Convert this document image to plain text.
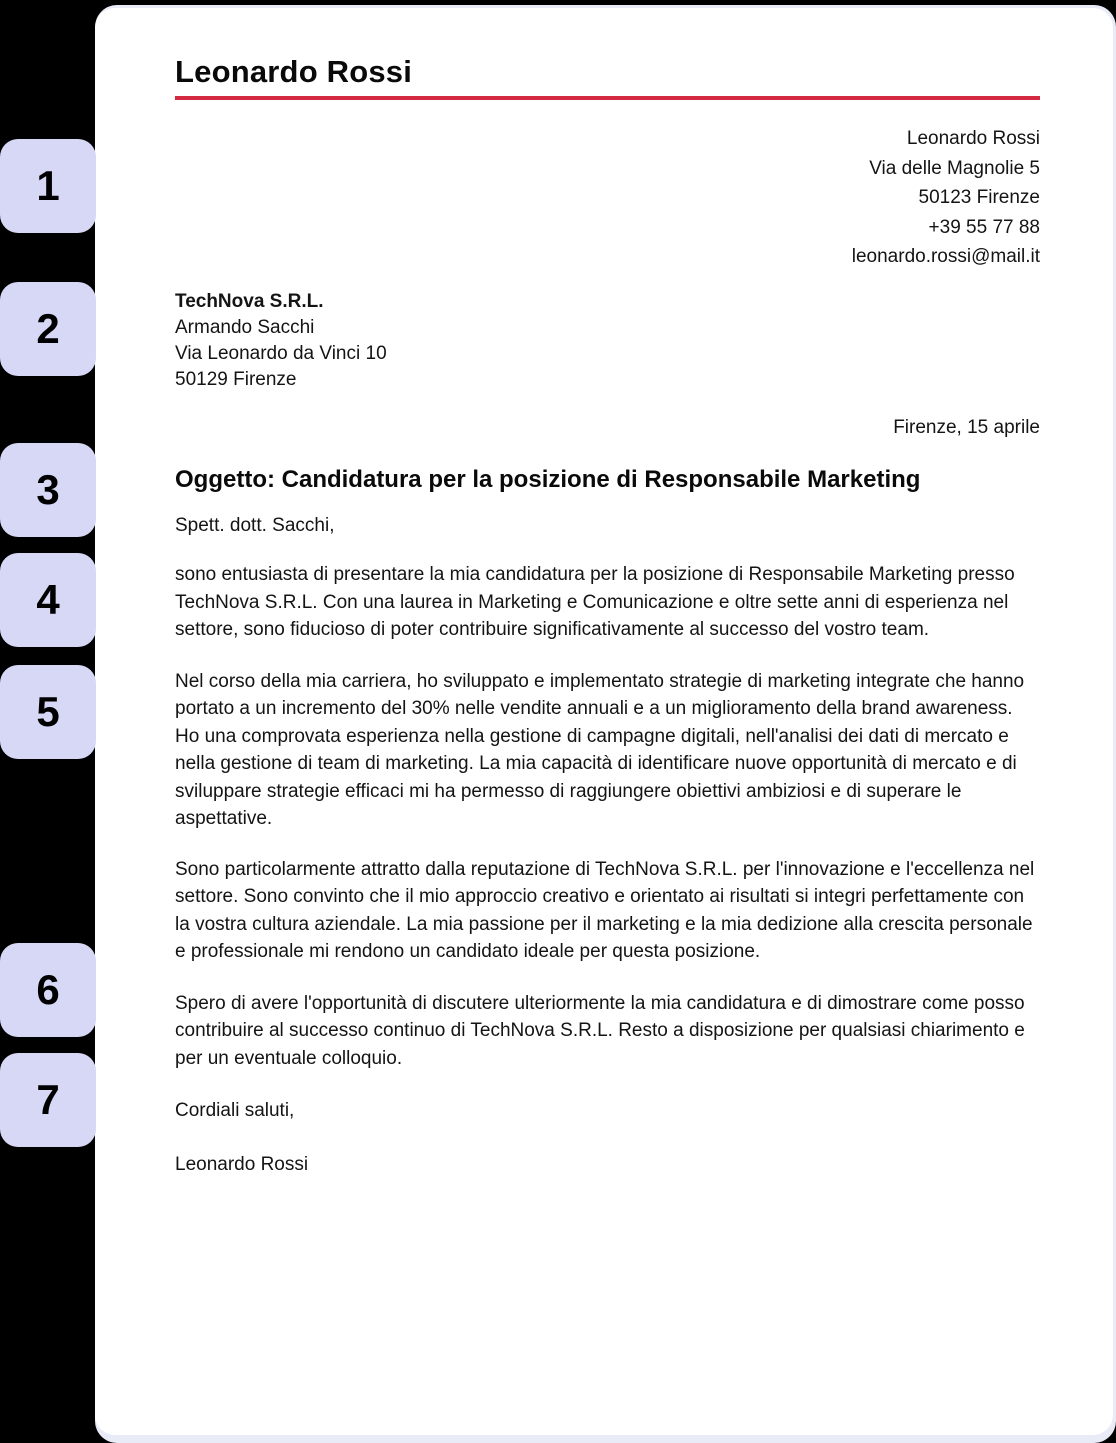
Leonardo Rossi
Leonardo Rossi
Via delle Magnolie 5
50123 Firenze
+39 55 77 88
leonardo.rossi@mail.it
TechNova S.R.L.
Armando Sacchi
Via Leonardo da Vinci 10
50129 Firenze
Firenze, 15 aprile
Oggetto: Candidatura per la posizione di Responsabile Marketing
Spett. dott. Sacchi,

sono entusiasta di presentare la mia candidatura per la posizione di Responsabile Marketing presso TechNova S.R.L. Con una laurea in Marketing e Comunicazione e oltre sette anni di esperienza nel settore, sono fiducioso di poter contribuire significativamente al successo del vostro team.

Nel corso della mia carriera, ho sviluppato e implementato strategie di marketing integrate che hanno portato a un incremento del 30% nelle vendite annuali e a un miglioramento della brand awareness. Ho una comprovata esperienza nella gestione di campagne digitali, nell'analisi dei dati di mercato e nella gestione di team di marketing. La mia capacità di identificare nuove opportunità di mercato e di sviluppare strategie efficaci mi ha permesso di raggiungere obiettivi ambiziosi e di superare le aspettative.

Sono particolarmente attratto dalla reputazione di TechNova S.R.L. per l'innovazione e l'eccellenza nel settore. Sono convinto che il mio approccio creativo e orientato ai risultati si integri perfettamente con la vostra cultura aziendale. La mia passione per il marketing e la mia dedizione alla crescita personale e professionale mi rendono un candidato ideale per questa posizione.

Spero di avere l'opportunità di discutere ulteriormente la mia candidatura e di dimostrare come posso contribuire al successo continuo di TechNova S.R.L. Resto a disposizione per qualsiasi chiarimento e per un eventuale colloquio.

Cordiali saluti,
Leonardo Rossi
1
2
3
4
5
6
7
